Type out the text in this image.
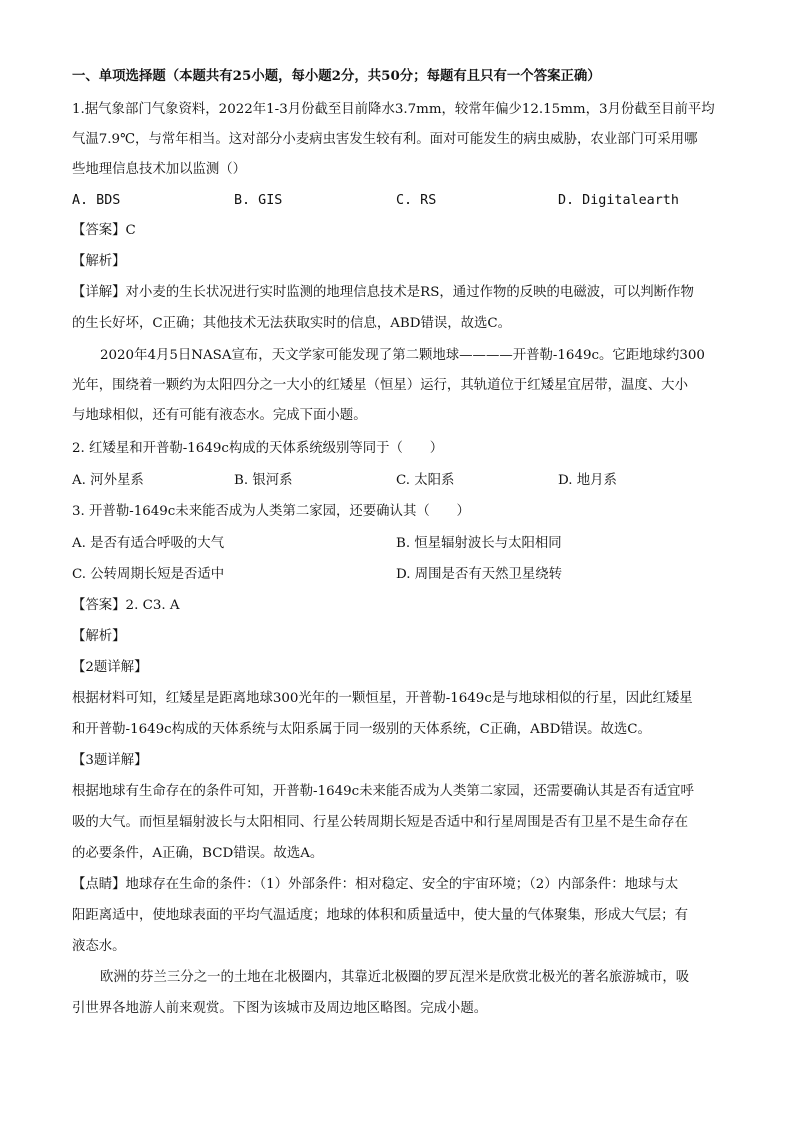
一、单项选择题（本题共有25小题，每小题2分，共50分；每题有且只有一个答案正确）
1.据气象部门气象资料，2022年1-3月份截至目前降水3.7mm，较常年偏少12.15mm，3月份截至目前平均
气温7.9℃，与常年相当。这对部分小麦病虫害发生较有利。面对可能发生的病虫威胁，农业部门可采用哪
些地理信息技术加以监测（）
A. BDS	B. GIS	C. RS	D. Digitalearth
【答案】C
【解析】
【详解】对小麦的生长状况进行实时监测的地理信息技术是RS，通过作物的反映的电磁波，可以判断作物
的生长好坏，C正确；其他技术无法获取实时的信息，ABD错误，故选C。
2020年4月5日NASA宣布，天文学家可能发现了第二颗地球————开普勒-1649c。它距地球约300
光年，围绕着一颗约为太阳四分之一大小的红矮星（恒星）运行，其轨道位于红矮星宜居带，温度、大小
与地球相似，还有可能有液态水。完成下面小题。
2. 红矮星和开普勒-1649c构成的天体系统级别等同于（　　）
A. 河外星系	B. 银河系	C. 太阳系	D. 地月系
3. 开普勒-1649c未来能否成为人类第二家园，还要确认其（　　）
A. 是否有适合呼吸的大气	B. 恒星辐射波长与太阳相同
C. 公转周期长短是否适中	D. 周围是否有天然卫星绕转
【答案】2. C3. A
【解析】
【2题详解】
根据材料可知，红矮星是距离地球300光年的一颗恒星，开普勒-1649c是与地球相似的行星，因此红矮星
和开普勒-1649c构成的天体系统与太阳系属于同一级别的天体系统，C正确，ABD错误。故选C。
【3题详解】
根据地球有生命存在的条件可知，开普勒-1649c未来能否成为人类第二家园，还需要确认其是否有适宜呼
吸的大气。而恒星辐射波长与太阳相同、行星公转周期长短是否适中和行星周围是否有卫星不是生命存在
的必要条件，A正确，BCD错误。故选A。
【点睛】地球存在生命的条件：（1）外部条件：相对稳定、安全的宇宙环境；（2）内部条件：地球与太
阳距离适中，使地球表面的平均气温适度；地球的体积和质量适中，使大量的气体聚集，形成大气层；有
液态水。
欧洲的芬兰三分之一的土地在北极圈内，其靠近北极圈的罗瓦涅米是欣赏北极光的著名旅游城市，吸
引世界各地游人前来观赏。下图为该城市及周边地区略图。完成小题。
